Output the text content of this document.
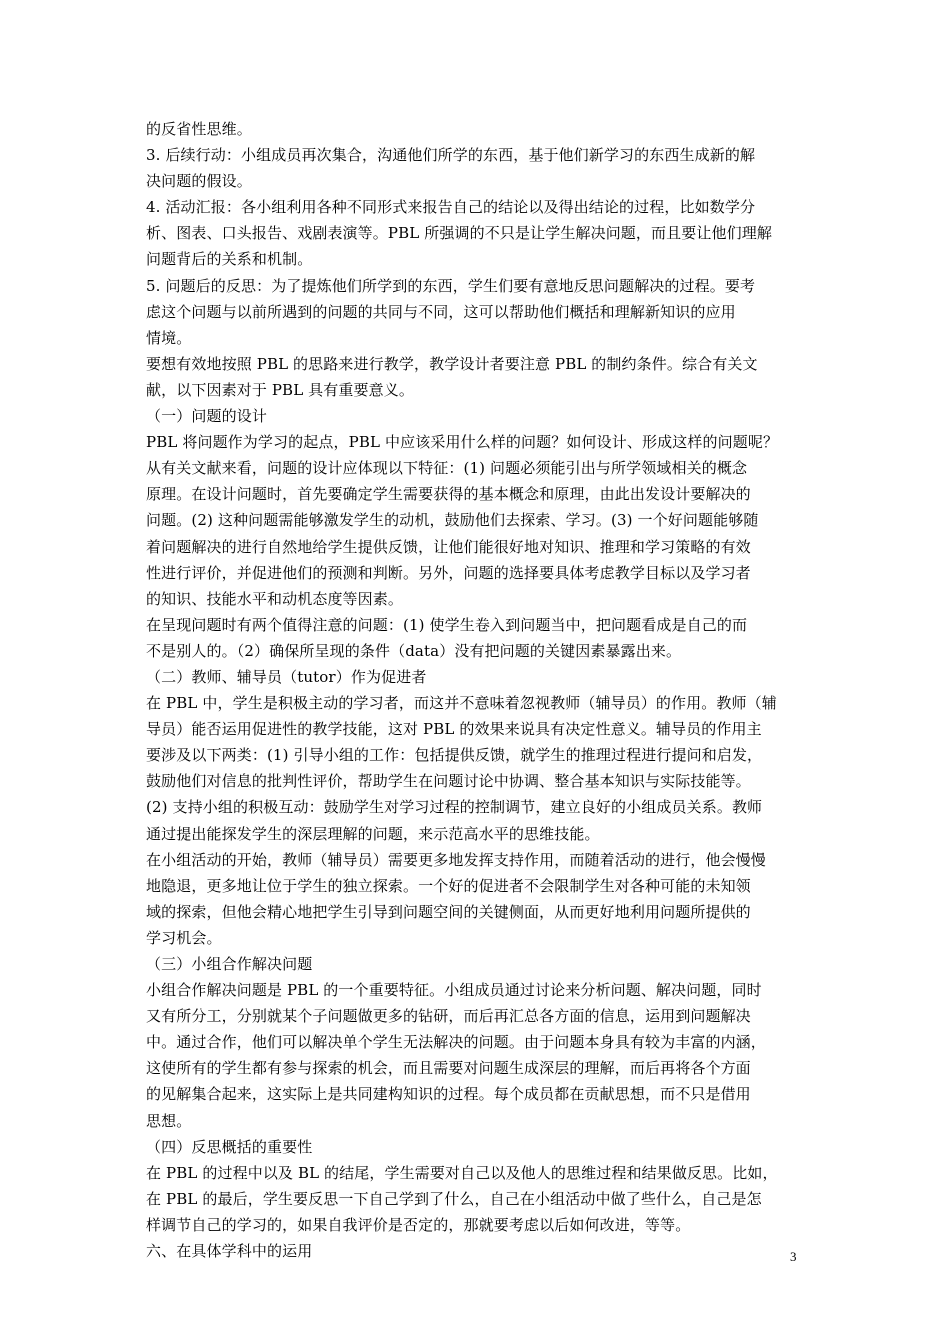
的反省性思维。
3. 后续行动：小组成员再次集合，沟通他们所学的东西，基于他们新学习的东西生成新的解
决问题的假设。
4. 活动汇报：各小组利用各种不同形式来报告自己的结论以及得出结论的过程，比如数学分
析、图表、口头报告、戏剧表演等。PBL 所强调的不只是让学生解决问题，而且要让他们理解
问题背后的关系和机制。
5. 问题后的反思：为了提炼他们所学到的东西，学生们要有意地反思问题解决的过程。要考
虑这个问题与以前所遇到的问题的共同与不同，这可以帮助他们概括和理解新知识的应用
情境。
要想有效地按照 PBL 的思路来进行教学，教学设计者要注意 PBL 的制约条件。综合有关文
献，以下因素对于 PBL 具有重要意义。
（一）问题的设计
PBL 将问题作为学习的起点，PBL 中应该采用什么样的问题？如何设计、形成这样的问题呢？
从有关文献来看，问题的设计应体现以下特征：(1) 问题必须能引出与所学领域相关的概念
原理。在设计问题时，首先要确定学生需要获得的基本概念和原理，由此出发设计要解决的
问题。(2) 这种问题需能够激发学生的动机，鼓励他们去探索、学习。(3) 一个好问题能够随
着问题解决的进行自然地给学生提供反馈，让他们能很好地对知识、推理和学习策略的有效
性进行评价，并促进他们的预测和判断。另外，问题的选择要具体考虑教学目标以及学习者
的知识、技能水平和动机态度等因素。
在呈现问题时有两个值得注意的问题：(1) 使学生卷入到问题当中，把问题看成是自己的而
不是别人的。（2）确保所呈现的条件（data）没有把问题的关键因素暴露出来。
（二）教师、辅导员（tutor）作为促进者
在 PBL 中，学生是积极主动的学习者，而这并不意味着忽视教师（辅导员）的作用。教师（辅
导员）能否运用促进性的教学技能，这对 PBL 的效果来说具有决定性意义。辅导员的作用主
要涉及以下两类：(1) 引导小组的工作：包括提供反馈，就学生的推理过程进行提问和启发，
鼓励他们对信息的批判性评价，帮助学生在问题讨论中协调、整合基本知识与实际技能等。
(2) 支持小组的积极互动：鼓励学生对学习过程的控制调节，建立良好的小组成员关系。教师
通过提出能探发学生的深层理解的问题，来示范高水平的思维技能。
在小组活动的开始，教师（辅导员）需要更多地发挥支持作用，而随着活动的进行，他会慢慢
地隐退，更多地让位于学生的独立探索。一个好的促进者不会限制学生对各种可能的未知领
域的探索，但他会精心地把学生引导到问题空间的关键侧面，从而更好地利用问题所提供的
学习机会。
（三）小组合作解决问题
小组合作解决问题是 PBL 的一个重要特征。小组成员通过讨论来分析问题、解决问题，同时
又有所分工，分别就某个子问题做更多的钻研，而后再汇总各方面的信息，运用到问题解决
中。通过合作，他们可以解决单个学生无法解决的问题。由于问题本身具有较为丰富的内涵，
这使所有的学生都有参与探索的机会，而且需要对问题生成深层的理解，而后再将各个方面
的见解集合起来，这实际上是共同建构知识的过程。每个成员都在贡献思想，而不只是借用
思想。
（四）反思概括的重要性
在 PBL 的过程中以及 BL 的结尾，学生需要对自己以及他人的思维过程和结果做反思。比如，
在 PBL 的最后，学生要反思一下自己学到了什么，自己在小组活动中做了些什么，自己是怎
样调节自己的学习的，如果自我评价是否定的，那就要考虑以后如何改进，等等。
六、在具体学科中的运用	3
